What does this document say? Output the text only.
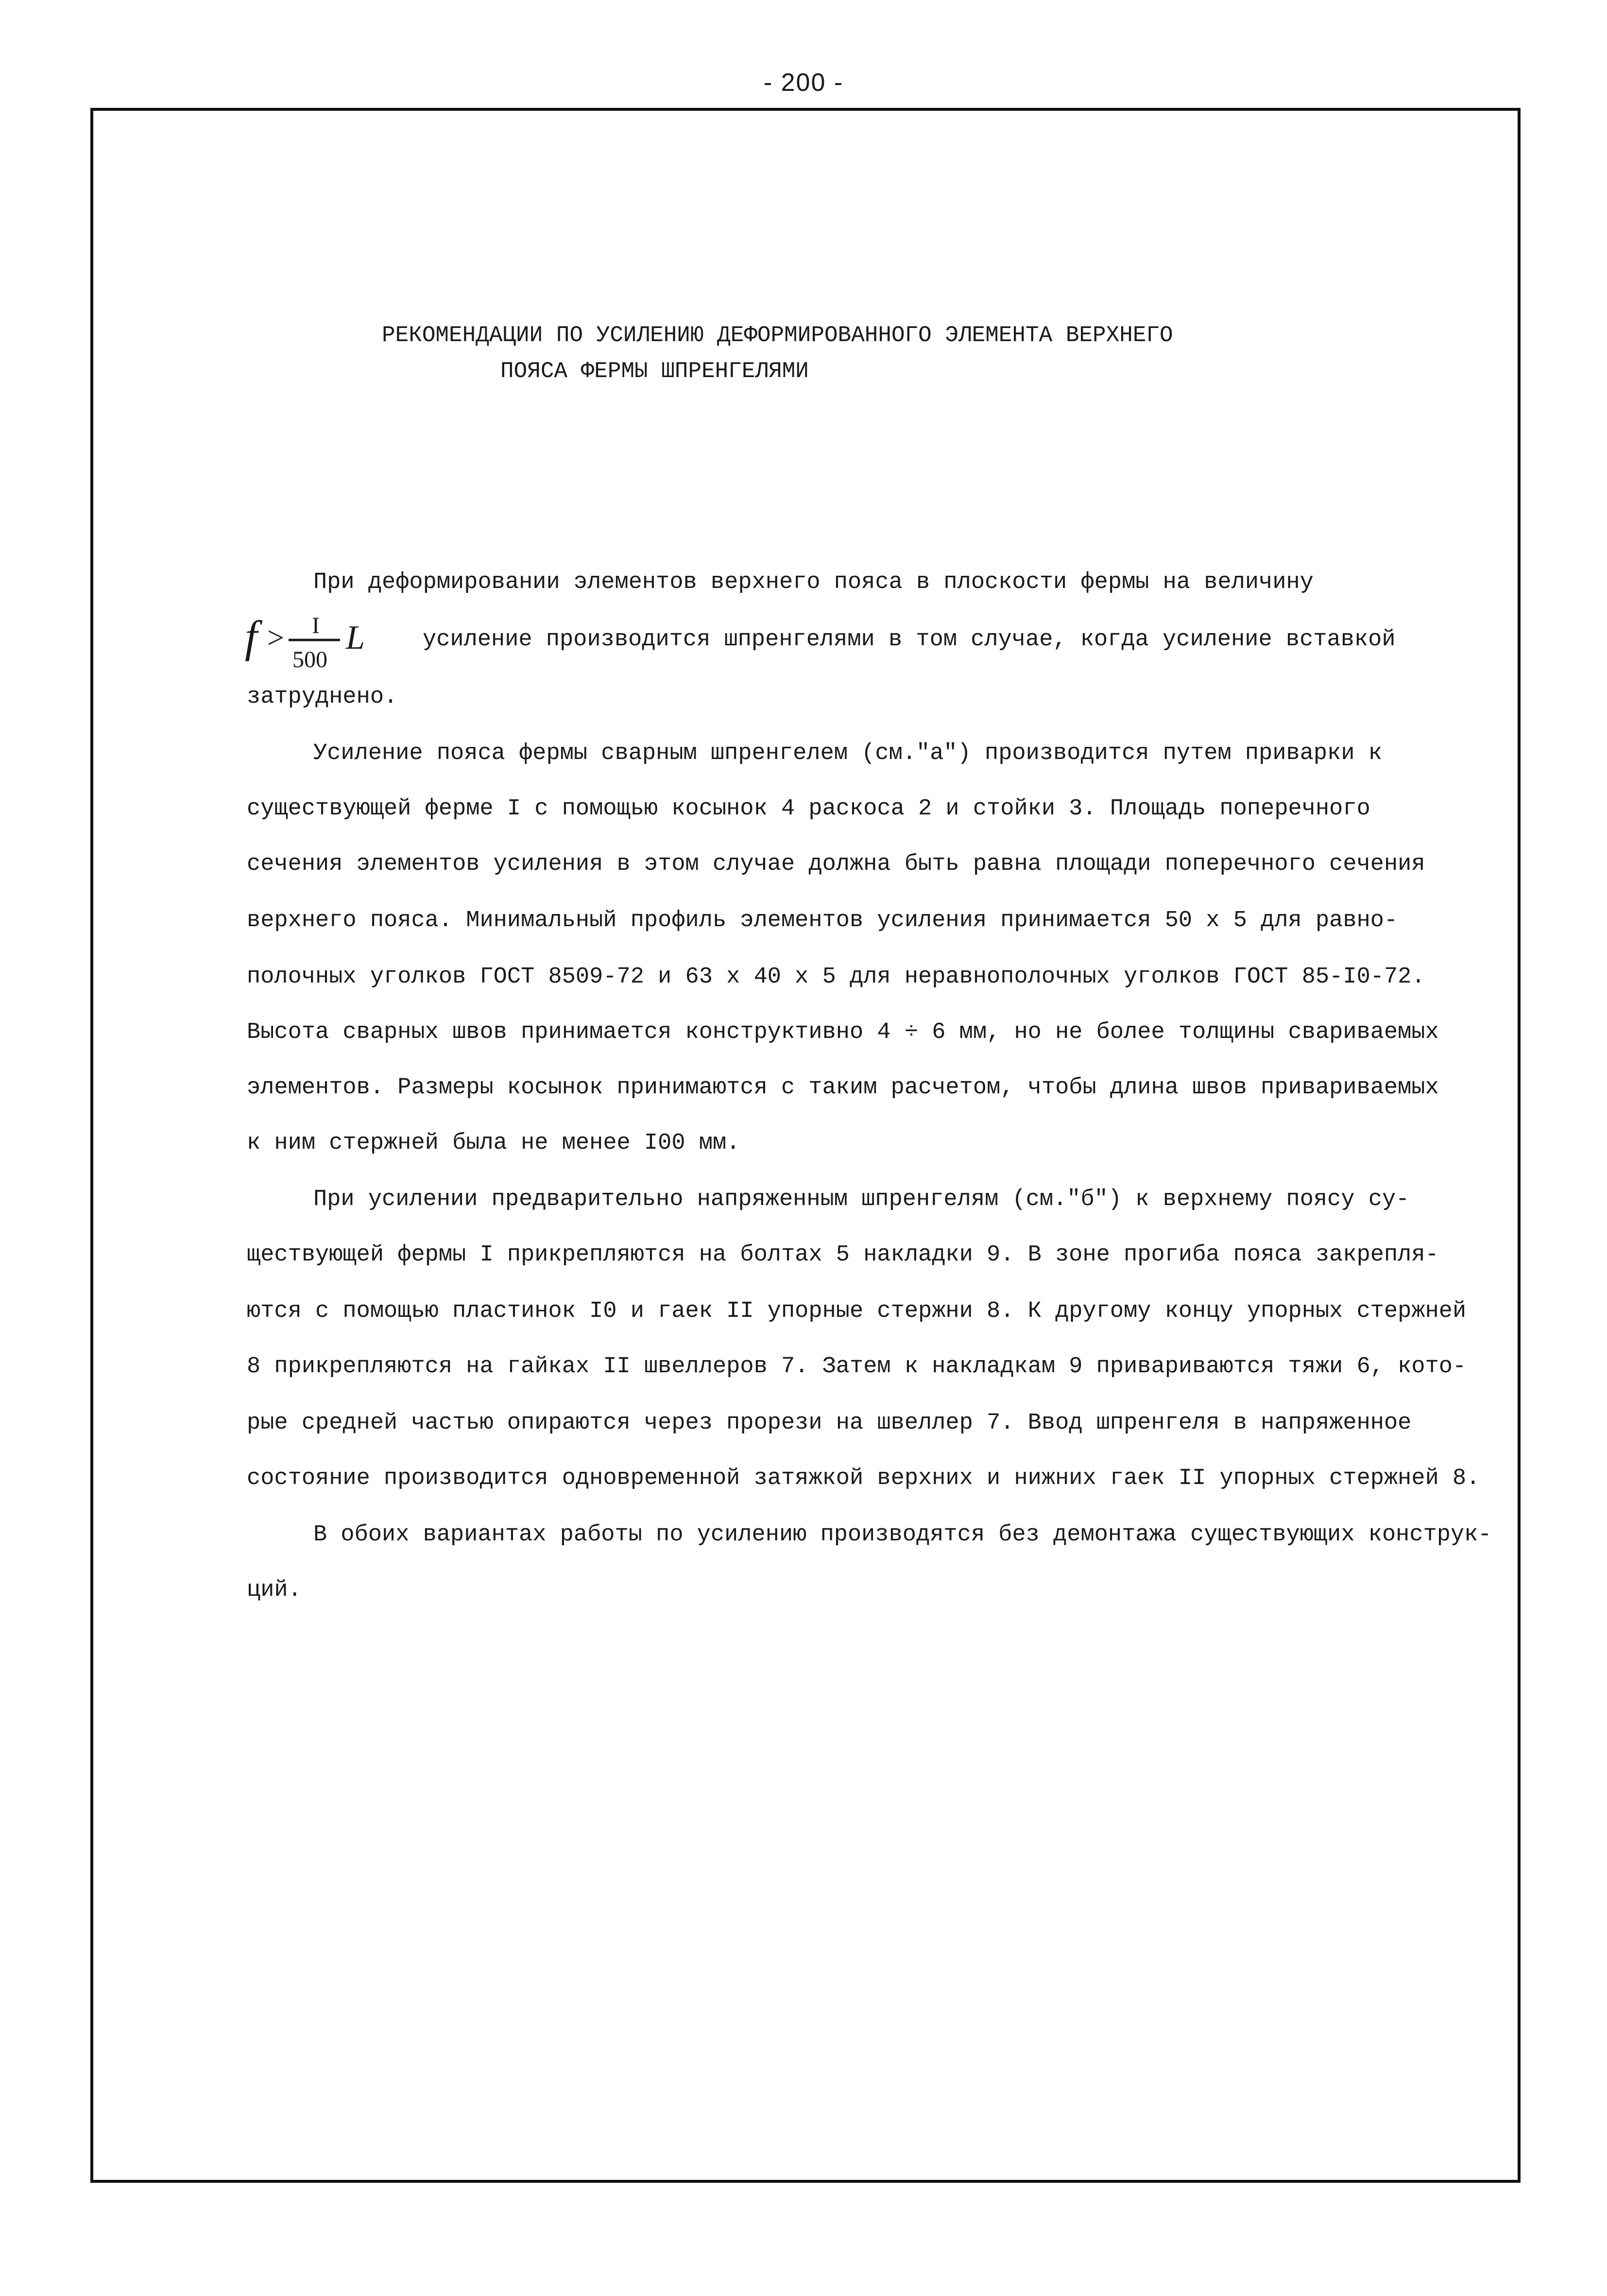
- 200 -
РЕКОМЕНДАЦИИ ПО УСИЛЕНИЮ ДЕФОРМИРОВАННОГО ЭЛЕМЕНТА ВЕРХНЕГО
ПОЯСА ФЕРМЫ ШПРЕНГЕЛЯМИ
При деформировании элементов верхнего пояса в плоскости фермы на величину
f > I
500
L	усиление производится шпренгелями в том случае, когда усиление вставкой
затруднено.
Усиление пояса фермы сварным шпренгелем (см."а") производится путем приварки к
существующей ферме I с помощью косынок 4 раскоса 2 и стойки 3. Площадь поперечного
сечения элементов усиления в этом случае должна быть равна площади поперечного сечения
верхнего пояса. Минимальный профиль элементов усиления принимается 50 х 5 для равно-
полочных уголков ГОСТ 8509-72 и 63 х 40 х 5 для неравнополочных уголков ГОСТ 85-I0-72.
Высота сварных швов принимается конструктивно 4 ÷ 6 мм, но не более толщины свариваемых
элементов. Размеры косынок принимаются с таким расчетом, чтобы длина швов привариваемых
к ним стержней была не менее I00 мм.
При усилении предварительно напряженным шпренгелям (см."б") к верхнему поясу су-
ществующей фермы I прикрепляются на болтах 5 накладки 9. В зоне прогиба пояса закрепля-
ются с помощью пластинок I0 и гаек II упорные стержни 8. К другому концу упорных стержней
8 прикрепляются на гайках II швеллеров 7. Затем к накладкам 9 привариваются тяжи 6, кото-
рые средней частью опираются через прорези на швеллер 7. Ввод шпренгеля в напряженное
состояние производится одновременной затяжкой верхних и нижних гаек II упорных стержней 8.
В обоих вариантах работы по усилению производятся без демонтажа существующих конструк-
ций.
